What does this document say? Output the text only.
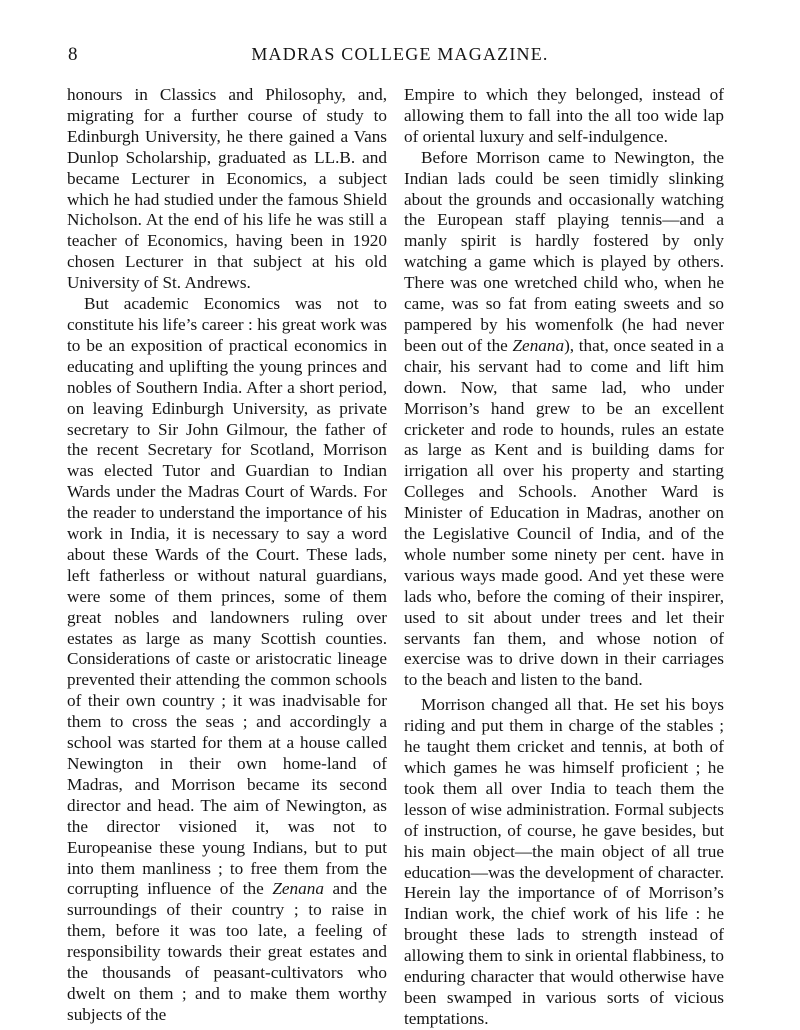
8	MADRAS COLLEGE MAGAZINE.

honours in Classics and Philosophy, and, migrating for a further course of study to Edinburgh University, he there gained a Vans Dunlop Scholarship, graduated as LL.B. and became Lecturer in Economics, a subject which he had studied under the famous Shield Nicholson. At the end of his life he was still a teacher of Economics, having been in 1920 chosen Lecturer in that subject at his old University of St. Andrews.

But academic Economics was not to constitute his life’s career : his great work was to be an exposition of practical economics in educating and uplifting the young princes and nobles of Southern India. After a short period, on leaving Edinburgh University, as private secretary to Sir John Gilmour, the father of the recent Secretary for Scotland, Morrison was elected Tutor and Guardian to Indian Wards under the Madras Court of Wards. For the reader to understand the importance of his work in India, it is necessary to say a word about these Wards of the Court. These lads, left fatherless or without natural guardians, were some of them princes, some of them great nobles and landowners ruling over estates as large as many Scottish counties. Considerations of caste or aristocratic lineage prevented their attending the common schools of their own country ; it was inadvisable for them to cross the seas ; and accordingly a school was started for them at a house called Newington in their own home-land of Madras, and Morrison became its second director and head. The aim of Newington, as the director visioned it, was not to Europeanise these young Indians, but to put into them manliness ; to free them from the corrupting influence of the Zenana and the surroundings of their country ; to raise in them, before it was too late, a feeling of responsibility towards their great estates and the thousands of peasant-cultivators who dwelt on them ; and to make them worthy subjects of the

Empire to which they belonged, instead of allowing them to fall into the all too wide lap of oriental luxury and self-indulgence.

Before Morrison came to Newington, the Indian lads could be seen timidly slinking about the grounds and occasionally watching the European staff playing tennis—and a manly spirit is hardly fostered by only watching a game which is played by others. There was one wretched child who, when he came, was so fat from eating sweets and so pampered by his womenfolk (he had never been out of the Zenana), that, once seated in a chair, his servant had to come and lift him down. Now, that same lad, who under Morrison’s hand grew to be an excellent cricketer and rode to hounds, rules an estate as large as Kent and is building dams for irrigation all over his property and starting Colleges and Schools. Another Ward is Minister of Education in Madras, another on the Legislative Council of India, and of the whole number some ninety per cent. have in various ways made good. And yet these were lads who, before the coming of their inspirer, used to sit about under trees and let their servants fan them, and whose notion of exercise was to drive down in their carriages to the beach and listen to the band.

Morrison changed all that. He set his boys riding and put them in charge of the stables ; he taught them cricket and tennis, at both of which games he was himself proficient ; he took them all over India to teach them the lesson of wise administration. Formal subjects of instruction, of course, he gave besides, but his main object—the main object of all true education—was the development of character. Herein lay the importance of of Morrison’s Indian work, the chief work of his life : he brought these lads to strength instead of allowing them to sink in oriental flabbiness, to enduring character that would otherwise have been swamped in various sorts of vicious temptations.
